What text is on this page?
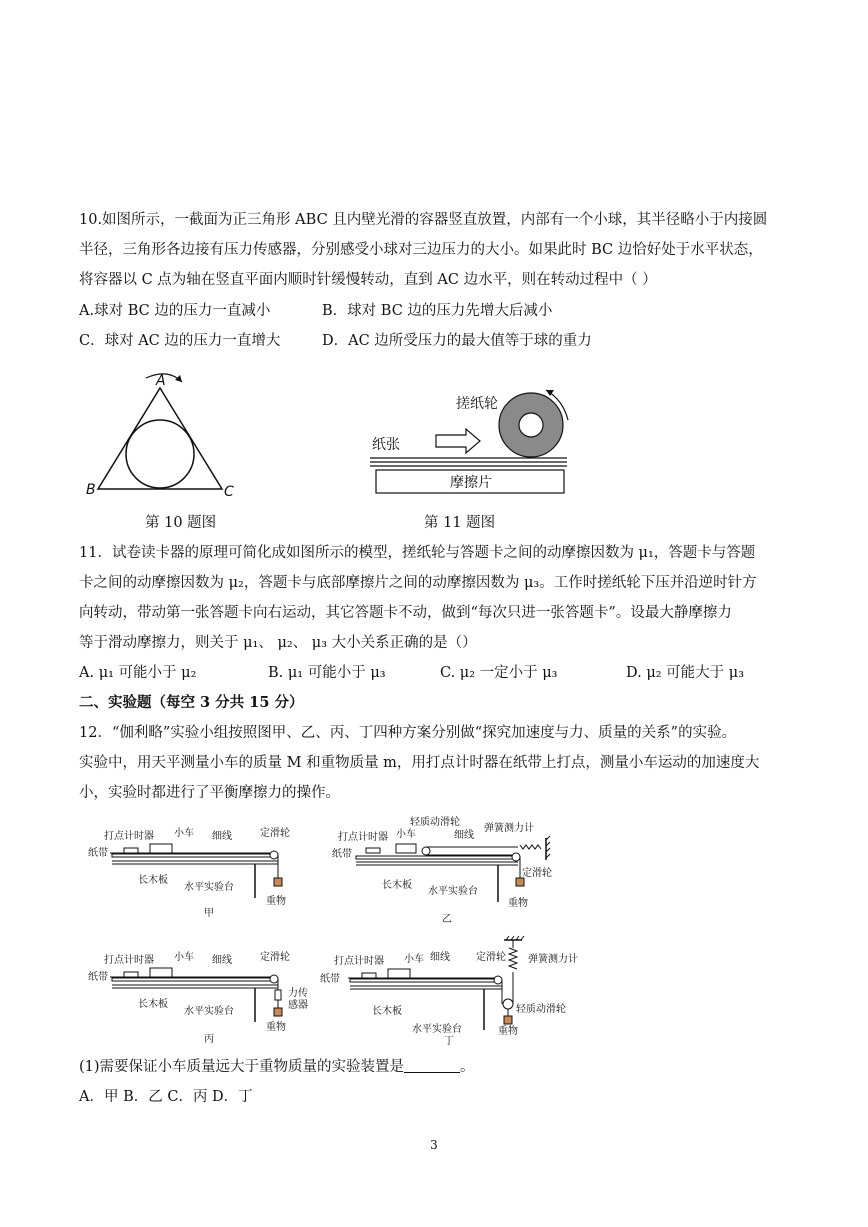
10.如图所示，一截面为正三角形 ABC 且内壁光滑的容器竖直放置，内部有一个小球，其半径略小于内接圆
半径，三角形各边接有压力传感器，分别感受小球对三边压力的大小。如果此时 BC 边恰好处于水平状态，
将容器以 C 点为轴在竖直平面内顺时针缓慢转动，直到 AC 边水平，则在转动过程中（ ）
A.球对 BC 边的压力一直减小	B．球对 BC 边的压力先增大后减小
C．球对 AC 边的压力一直增大	D．AC 边所受压力的最大值等于球的重力
A
B	C
第 10 题图
搓纸轮
纸张
摩擦片
第 11 题图
11．试卷读卡器的原理可简化成如图所示的模型，搓纸轮与答题卡之间的动摩擦因数为 μ₁，答题卡与答题
卡之间的动摩擦因数为 μ₂，答题卡与底部摩擦片之间的动摩擦因数为 μ₃。工作时搓纸轮下压并沿逆时针方
向转动，带动第一张答题卡向右运动，其它答题卡不动，做到“每次只进一张答题卡”。设最大静摩擦力
等于滑动摩擦力，则关于 μ₁、 μ₂、 μ₃ 大小关系正确的是（）
A. μ₁ 可能小于 μ₂	B. μ₁ 可能小于 μ₃	C. μ₂ 一定小于 μ₃	D. μ₂ 可能大于 μ₃
二、实验题（每空 3 分共 15 分）
12．“伽利略”实验小组按照图甲、乙、丙、丁四种方案分别做“探究加速度与力、质量的关系”的实验。
实验中，用天平测量小车的质量 M 和重物质量 m，用打点计时器在纸带上打点，测量小车运动的加速度大
小，实验时都进行了平衡摩擦力的操作。
打点计时器 小车 细线	定滑轮
纸带
长木板
水平实验台
重物
甲
轻质动滑轮
弹簧测力计
打点计时器 小车	细线
纸带
定滑轮
长木板
水平实验台
重物
乙
打点计时器 小车 细线	定滑轮
纸带
力传
感器
长木板
水平实验台
重物
丙
弹簧测力计
定滑轮
打点计时器 小车 细线
纸带
轻质动滑轮
长木板
水平实验台
丁
重物
(1)需要保证小车质量远大于重物质量的实验装置是	。
A．甲 B．乙 C．丙 D．丁
3
